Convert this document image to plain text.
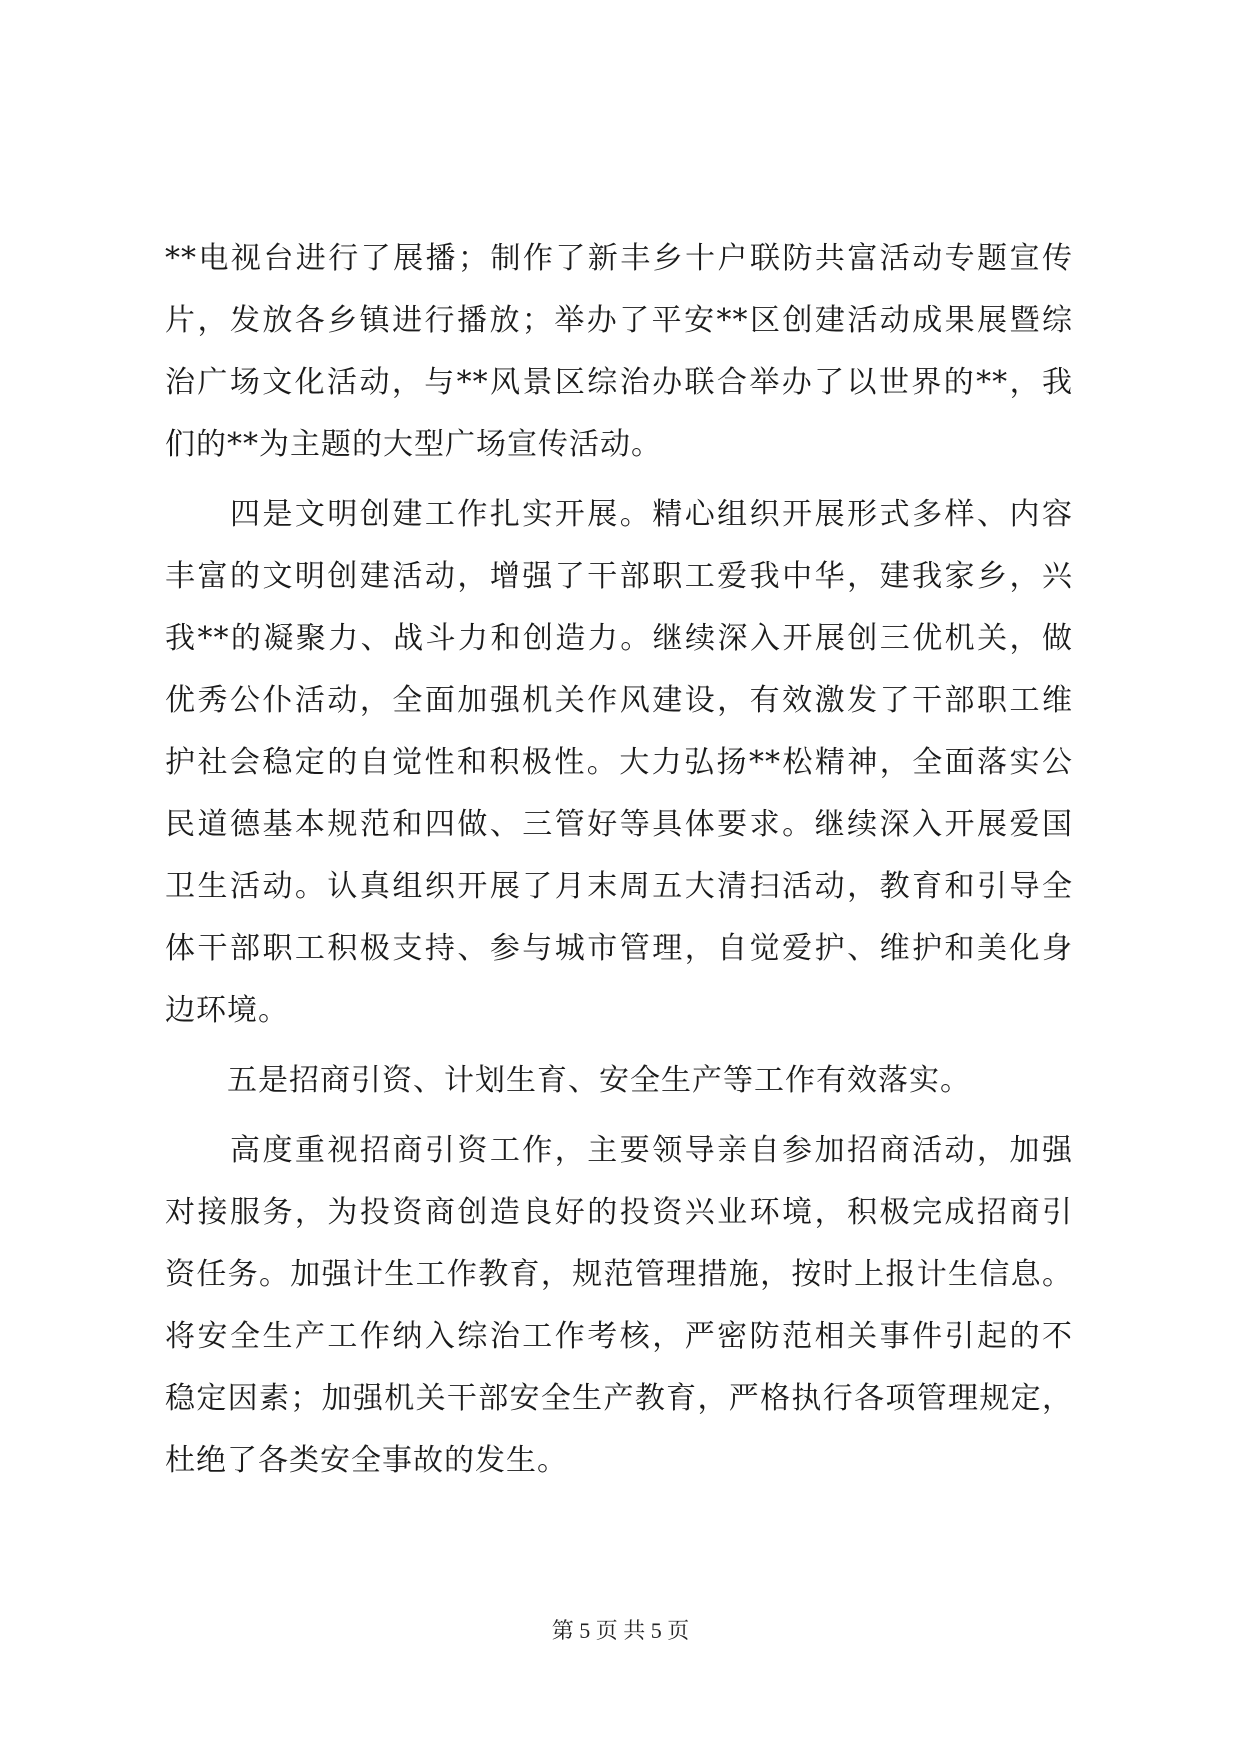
**电视台进行了展播；制作了新丰乡十户联防共富活动专题宣传
片，发放各乡镇进行播放；举办了平安**区创建活动成果展暨综
治广场文化活动，与**风景区综治办联合举办了以世界的**，我
们的**为主题的大型广场宣传活动。
　　四是文明创建工作扎实开展。精心组织开展形式多样、内容
丰富的文明创建活动，增强了干部职工爱我中华，建我家乡，兴
我**的凝聚力、战斗力和创造力。继续深入开展创三优机关，做
优秀公仆活动，全面加强机关作风建设，有效激发了干部职工维
护社会稳定的自觉性和积极性。大力弘扬**松精神，全面落实公
民道德基本规范和四做、三管好等具体要求。继续深入开展爱国
卫生活动。认真组织开展了月末周五大清扫活动，教育和引导全
体干部职工积极支持、参与城市管理，自觉爱护、维护和美化身
边环境。
　　五是招商引资、计划生育、安全生产等工作有效落实。
　　高度重视招商引资工作，主要领导亲自参加招商活动，加强
对接服务，为投资商创造良好的投资兴业环境，积极完成招商引
资任务。加强计生工作教育，规范管理措施，按时上报计生信息。
将安全生产工作纳入综治工作考核，严密防范相关事件引起的不
稳定因素；加强机关干部安全生产教育，严格执行各项管理规定，
杜绝了各类安全事故的发生。
第 5 页 共 5 页
